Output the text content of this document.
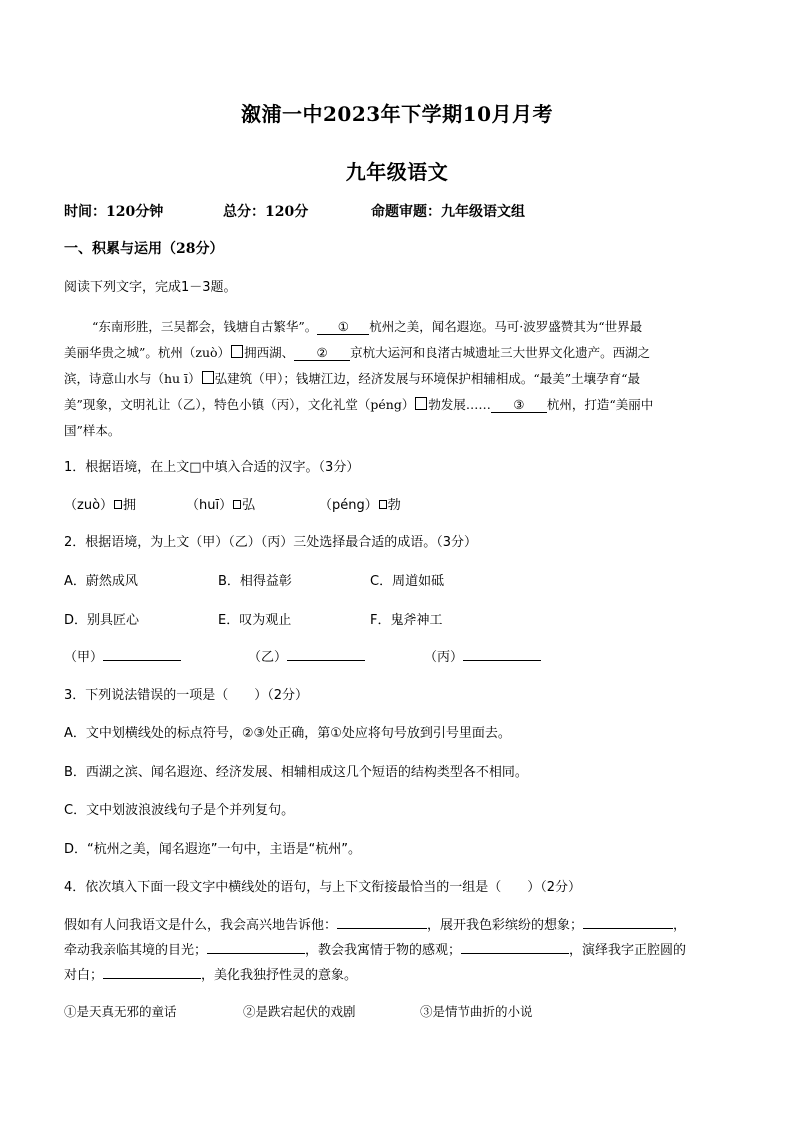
溆浦一中2023年下学期10月月考
九年级语文
时间：120分钟	总分：120分	命题审题：九年级语文组
一、积累与运用（28分）
阅读下列文字，完成1－3题。
“东南形胜，三吴都会，钱塘自古繁华”。 ① 杭州之美，闻名遐迩。马可·波罗盛赞其为“世界最
美丽华贵之城”。杭州（zuò） 拥西湖、 ② 京杭大运河和良渚古城遗址三大世界文化遗产。西湖之
滨，诗意山水与（hu ī） 弘建筑（甲）；钱塘江边，经济发展与环境保护相辅相成。“最美”土壤孕育“最
美”现象，文明礼让（乙），特色小镇（丙），文化礼堂（péng） 勃发展…… ③ 杭州，打造“美丽中
国”样本。
1．根据语境，在上文□中填入合适的汉字。（3分）
（zuò） 拥	（huī） 弘	（péng） 勃
2．根据语境，为上文（甲）（乙）（丙）三处选择最合适的成语。（3分）
A．蔚然成风	B．相得益彰	C．周道如砥
D．别具匠心	E．叹为观止	F．鬼斧神工
（甲）	（乙）	（丙）
3．下列说法错误的一项是（　　）（2分）
A．文中划横线处的标点符号，②③处正确，第①处应将句号放到引号里面去。
B．西湖之滨、闻名遐迩、经济发展、相辅相成这几个短语的结构类型各不相同。
C．文中划波浪波线句子是个并列复句。
D．“杭州之美，闻名遐迩”一句中，主语是“杭州”。
4．依次填入下面一段文字中横线处的语句，与上下文衔接最恰当的一组是（　　）（2分）
假如有人问我语文是什么，我会高兴地告诉他：	，展开我色彩缤纷的想象；	，
牵动我亲临其境的目光；	，教会我寓情于物的感观；	，演绎我字正腔圆的
对白；	，美化我独抒性灵的意象。
①是天真无邪的童话	②是跌宕起伏的戏剧	③是情节曲折的小说
